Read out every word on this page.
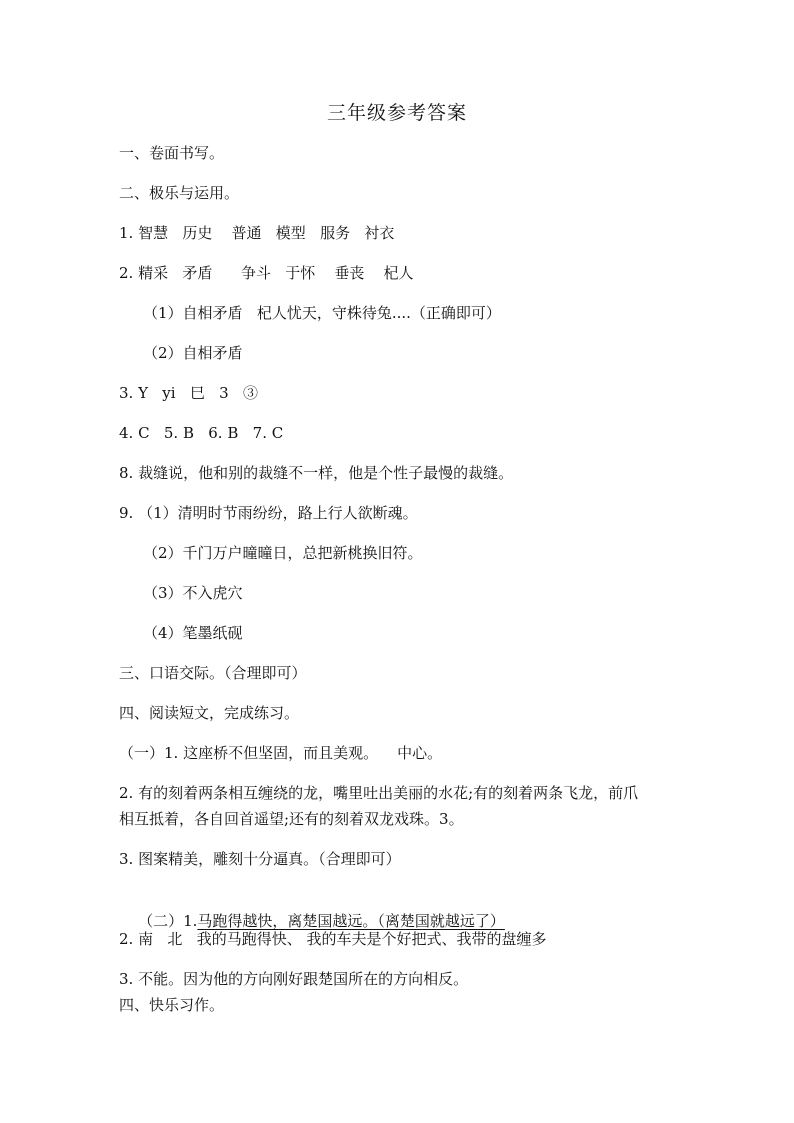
三年级参考答案
一、卷面书写。
二、极乐与运用。
1. 智慧   历史    普通   模型   服务   衬衣
2. 精采   矛盾      争斗   于怀    垂丧    杞人
（1）自相矛盾   杞人忧天，守株待兔....（正确即可）
（2）自相矛盾
3. Y   yi   巳   3   ③
4. C   5. B   6. B   7. C
8. 裁缝说，他和别的裁缝不一样，他是个性子最慢的裁缝。
9. （1）清明时节雨纷纷，路上行人欲断魂。
（2）千门万户曈曈日，总把新桃换旧符。
（3）不入虎穴
（4）笔墨纸砚
三、口语交际。（合理即可）
四、阅读短文，完成练习。
（一）1. 这座桥不但坚固，而且美观。    中心。
2. 有的刻着两条相互缠绕的龙，嘴里吐出美丽的水花;有的刻着两条飞龙，前爪
相互抵着，各自回首遥望;还有的刻着双龙戏珠。3。
3. 图案精美，雕刻十分逼真。（合理即可）

（二）1.马跑得越快，离楚国越远。（离楚国就越远了）

2. 南   北   我的马跑得快、 我的车夫是个好把式、我带的盘缠多
3. 不能。因为他的方向刚好跟楚国所在的方向相反。
四、快乐习作。
